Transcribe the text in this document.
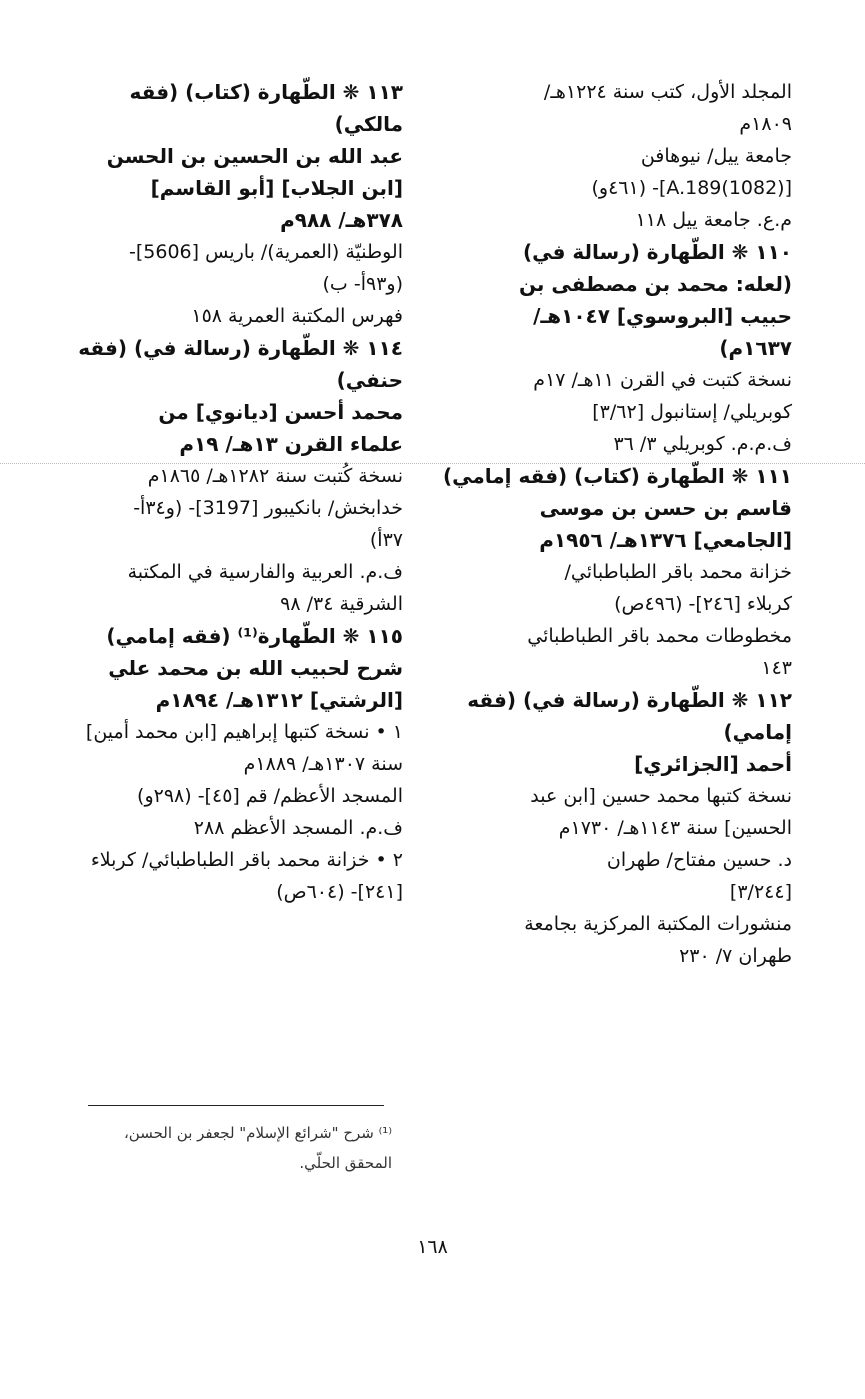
المجلد الأول، كتب سنة ١٢٢٤هـ/
١٨٠٩م
جامعة ييل/ نيوهافن
[(1082)A.189]- (٤٦١و)
م.ع. جامعة ييل ١١٨
١١٠ ❋ الطّهارة (رسالة في)
(لعله: محمد بن مصطفى بن
حبيب [البروسوي] ١٠٤٧هـ/
١٦٣٧م)
نسخة كتبت في القرن ١١هـ/ ١٧م
كوبريلي/ إستانبول [٣/٦٢]
ف.م.م. كوبريلي ٣/ ٣٦
١١١ ❋ الطّهارة (كتاب) (فقه إمامي)
قاسم بن حسن بن موسى
[الجامعي] ١٣٧٦هـ/ ١٩٥٦م
خزانة محمد باقر الطباطبائي/
كربلاء [٢٤٦]- (٤٩٦ص)
مخطوطات محمد باقر الطباطبائي
١٤٣
١١٢ ❋ الطّهارة (رسالة في) (فقه
إمامي)
أحمد [الجزائري]
نسخة كتبها محمد حسين [ابن عبد
الحسين] سنة ١١٤٣هـ/ ١٧٣٠م
د. حسين مفتاح/ طهران
[٣/٢٤٤]
منشورات المكتبة المركزية بجامعة
طهران ٧/ ٢٣٠
١١٣ ❋ الطّهارة (كتاب) (فقه
مالكي)
عبد الله بن الحسين بن الحسن
[ابن الجلاب] [أبو القاسم]
٣٧٨هـ/ ٩٨٨م
الوطنيّة (العمرية)/ باريس [5606]-
(و٩٣أ- ب)
فهرس المكتبة العمرية ١٥٨
١١٤ ❋ الطّهارة (رسالة في) (فقه
حنفي)
محمد أحسن [ديانوي] من
علماء القرن ١٣هـ/ ١٩م
نسخة كُتبت سنة ١٢٨٢هـ/ ١٨٦٥م
خدابخش/ بانكيبور [3197]- (و٣٤أ-
٣٧أ)
ف.م. العربية والفارسية في المكتبة
الشرقية ٣٤/ ٩٨
١١٥ ❋ الطّهارة⁽¹⁾ (فقه إمامي)
شرح لحبيب الله بن محمد علي
[الرشتي] ١٣١٢هـ/ ١٨٩٤م
١ • نسخة كتبها إبراهيم [ابن محمد أمين]
سنة ١٣٠٧هـ/ ١٨٨٩م
المسجد الأعظم/ قم [٤٥]- (٢٩٨و)
ف.م. المسجد الأعظم ٢٨٨
٢ • خزانة محمد باقر الطباطبائي/ كربلاء
[٢٤١]- (٦٠٤ص)
⁽¹⁾ شرح "شرائع الإسلام" لجعفر بن الحسن،
المحقق الحلّي.
١٦٨
